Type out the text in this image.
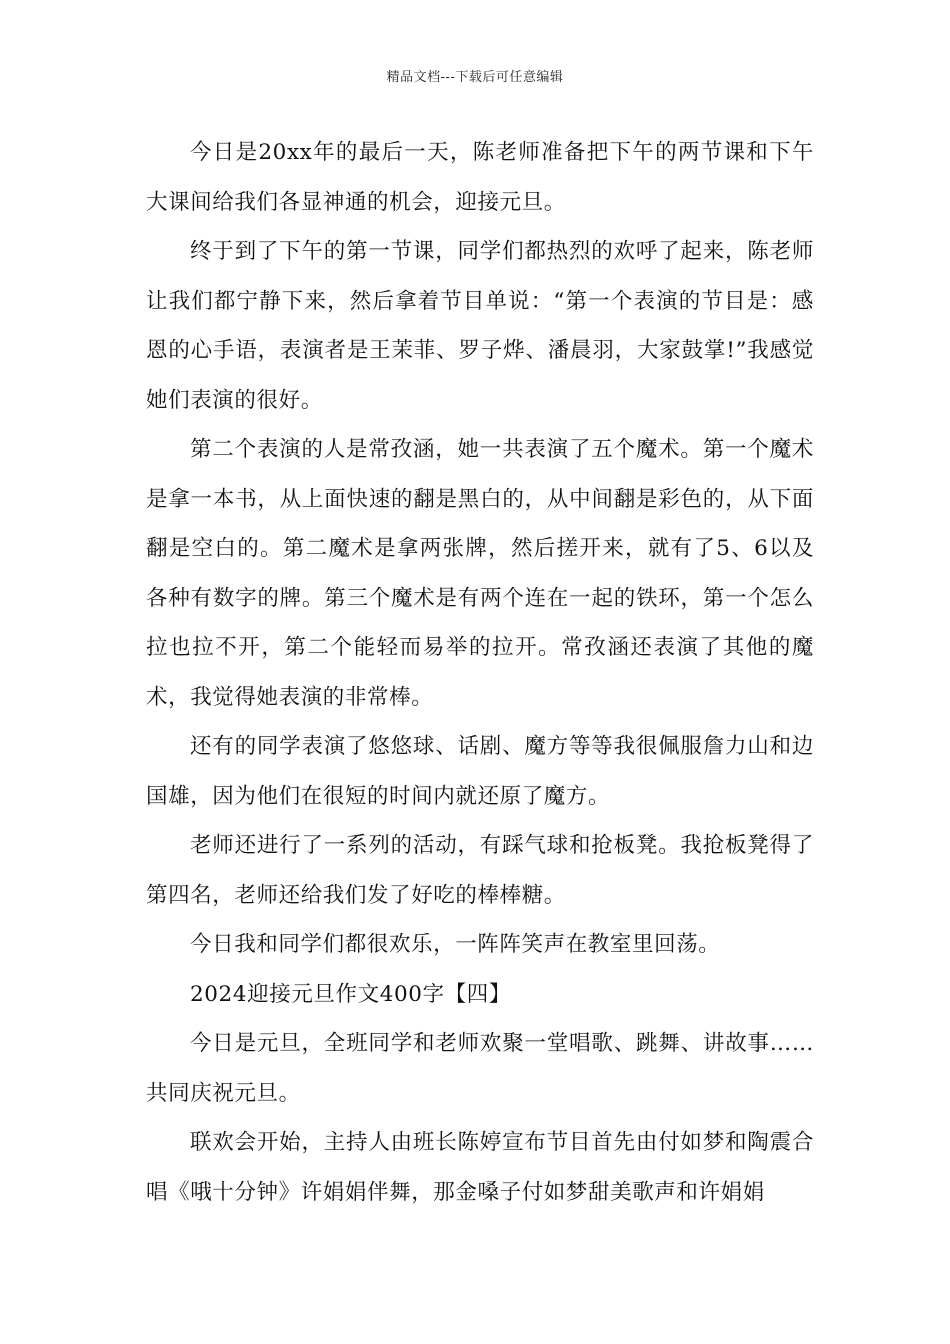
精品文档---下载后可任意编辑

今日是20xx年的最后一天，陈老师准备把下午的两节课和下午大课间给我们各显神通的机会，迎接元旦。

终于到了下午的第一节课，同学们都热烈的欢呼了起来，陈老师让我们都宁静下来，然后拿着节目单说：“第一个表演的节目是：感恩的心手语，表演者是王茉菲、罗子烨、潘晨羽，大家鼓掌!”我感觉她们表演的很好。

第二个表演的人是常孜涵，她一共表演了五个魔术。第一个魔术是拿一本书，从上面快速的翻是黑白的，从中间翻是彩色的，从下面翻是空白的。第二魔术是拿两张牌，然后搓开来，就有了5、6以及各种有数字的牌。第三个魔术是有两个连在一起的铁环，第一个怎么拉也拉不开，第二个能轻而易举的拉开。常孜涵还表演了其他的魔术，我觉得她表演的非常棒。

还有的同学表演了悠悠球、话剧、魔方等等我很佩服詹力山和边国雄，因为他们在很短的时间内就还原了魔方。

老师还进行了一系列的活动，有踩气球和抢板凳。我抢板凳得了第四名，老师还给我们发了好吃的棒棒糖。

今日我和同学们都很欢乐，一阵阵笑声在教室里回荡。

2024迎接元旦作文400字【四】

今日是元旦，全班同学和老师欢聚一堂唱歌、跳舞、讲故事……共同庆祝元旦。

联欢会开始，主持人由班长陈婷宣布节目首先由付如梦和陶震合唱《哦十分钟》许娟娟伴舞，那金嗓子付如梦甜美歌声和许娟娟
